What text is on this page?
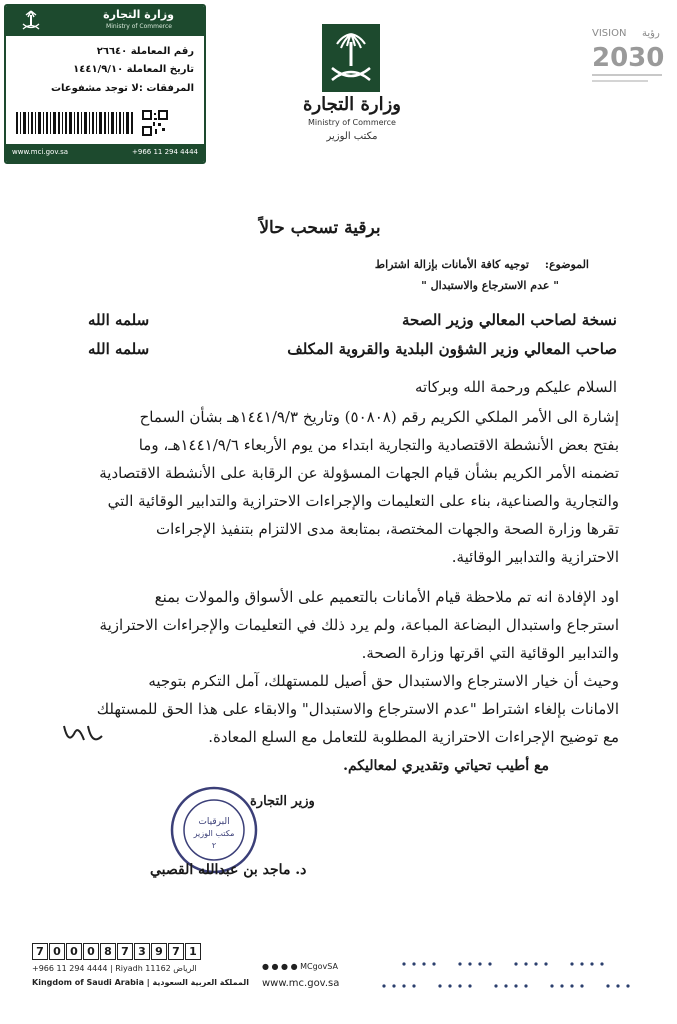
وزارة التجارة
Ministry of Commerce
رقم المعاملة ٢٦٦٤٠
تاريخ المعاملة ١٤٤١/٩/١٠
المرفقات :لا توجد مشفوعات
www.mci.gov.sa	+966 11 294 4444
وزارة التجارة
Ministry of Commerce
مكتب الوزير
VISION رؤية
2030
برقية تسحب حالاً
الموضوع:
توجيه كافة الأمانات بإزالة اشتراط
" عدم الاسترجاع والاستبدال "
نسخة لصاحب المعالي وزير الصحة
سلمه الله
صاحب المعالي وزير الشؤون البلدية والقروية المكلف
سلمه الله
السلام عليكم ورحمة الله وبركاته
إشارة الى الأمر الملكي الكريم رقم (٥٠٨٠٨) وتاريخ ١٤٤١/٩/٣هـ بشأن السماح
بفتح بعض الأنشطة الاقتصادية والتجارية ابتداء من يوم الأربعاء ١٤٤١/٩/٦هـ، وما
تضمنه الأمر الكريم بشأن قيام الجهات المسؤولة عن الرقابة على الأنشطة الاقتصادية
والتجارية والصناعية، بناء على التعليمات والإجراءات الاحترازية والتدابير الوقائية التي
تقرها وزارة الصحة والجهات المختصة، بمتابعة مدى الالتزام بتنفيذ الإجراءات
الاحترازية والتدابير الوقائية.
اود الإفادة انه تم ملاحظة قيام الأمانات بالتعميم على الأسواق والمولات بمنع
استرجاع واستبدال البضاعة المباعة، ولم يرد ذلك في التعليمات والإجراءات الاحترازية
والتدابير الوقائية التي اقرتها وزارة الصحة.
وحيث أن خيار الاسترجاع والاستبدال حق أصيل للمستهلك، آمل التكرم بتوجيه
الامانات بإلغاء اشتراط "عدم الاسترجاع والاستبدال" والابقاء على هذا الحق للمستهلك
مع توضيح الإجراءات الاحترازية المطلوبة للتعامل مع السلع المعادة.
مع أطيب تحياتي وتقديري لمعاليكم.
البرقيات
مكتب الوزير
٢
وزير التجارة
د. ماجد بن عبدالله القصبي
7 0 0 0 8 7 3 9 7 1
+966 11 294 4444 | Riyadh 11162 الرياض
Kingdom of Saudi Arabia | المملكة العربية السعودية
● ● ● ● MCgovSA
www.mc.gov.sa
